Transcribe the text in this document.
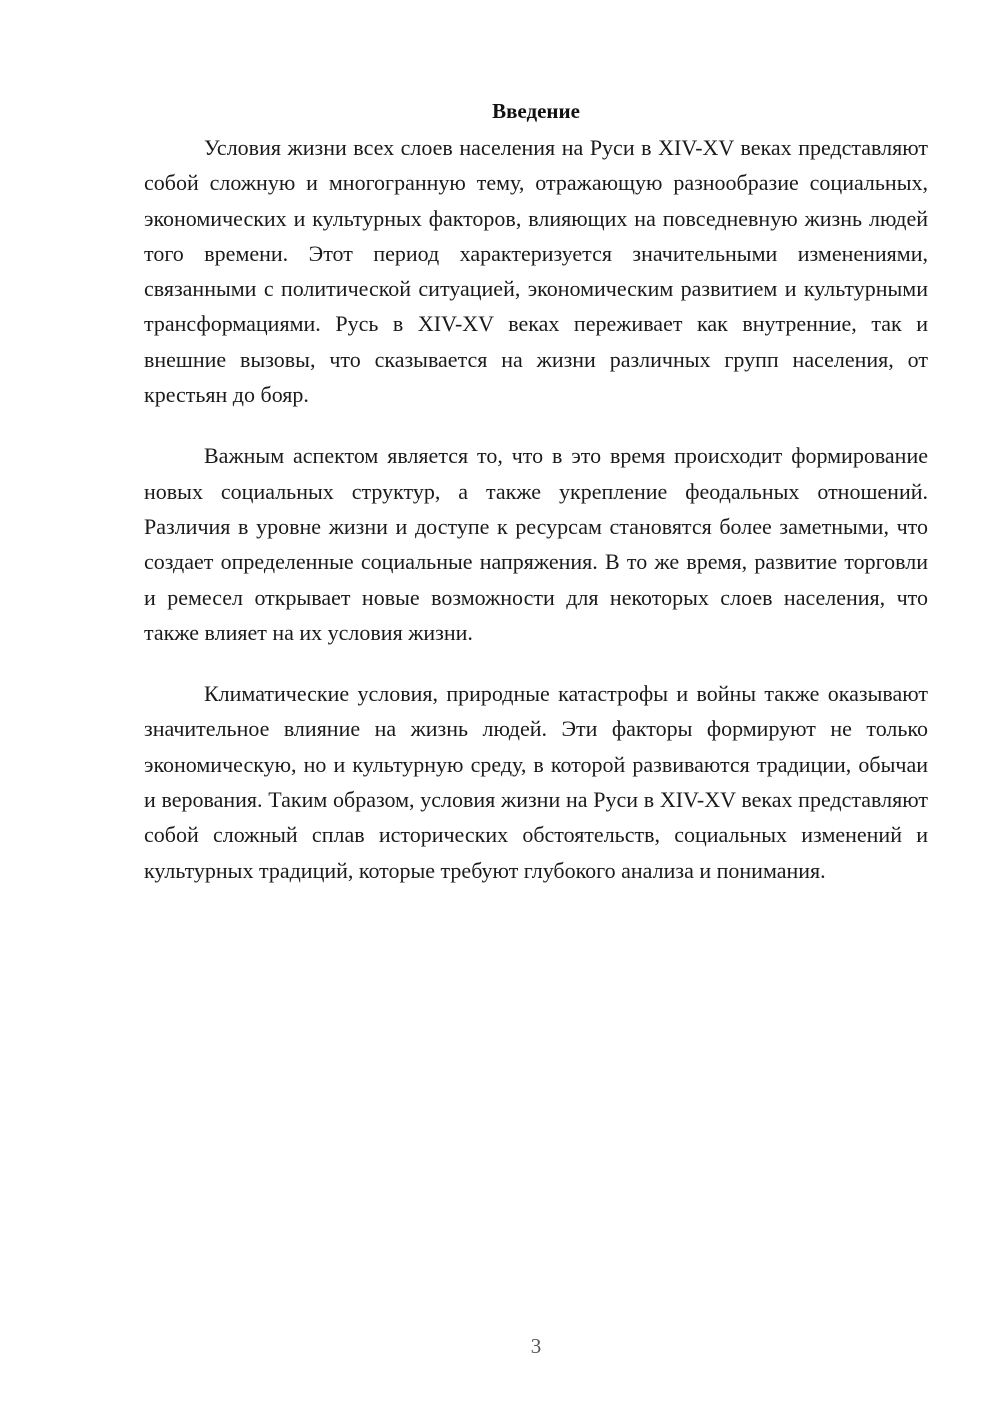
Введение

Условия жизни всех слоев населения на Руси в XIV-XV веках представляют собой сложную и многогранную тему, отражающую разнообразие социальных, экономических и культурных факторов, влияющих на повседневную жизнь людей того времени. Этот период характеризуется значительными изменениями, связанными с политической ситуацией, экономическим развитием и культурными трансформациями. Русь в XIV-XV веках переживает как внутренние, так и внешние вызовы, что сказывается на жизни различных групп населения, от крестьян до бояр.

Важным аспектом является то, что в это время происходит формирование новых социальных структур, а также укрепление феодальных отношений. Различия в уровне жизни и доступе к ресурсам становятся более заметными, что создает определенные социальные напряжения. В то же время, развитие торговли и ремесел открывает новые возможности для некоторых слоев населения, что также влияет на их условия жизни.

Климатические условия, природные катастрофы и войны также оказывают значительное влияние на жизнь людей. Эти факторы формируют не только экономическую, но и культурную среду, в которой развиваются традиции, обычаи и верования. Таким образом, условия жизни на Руси в XIV-XV веках представляют собой сложный сплав исторических обстоятельств, социальных изменений и культурных традиций, которые требуют глубокого анализа и понимания.

3
